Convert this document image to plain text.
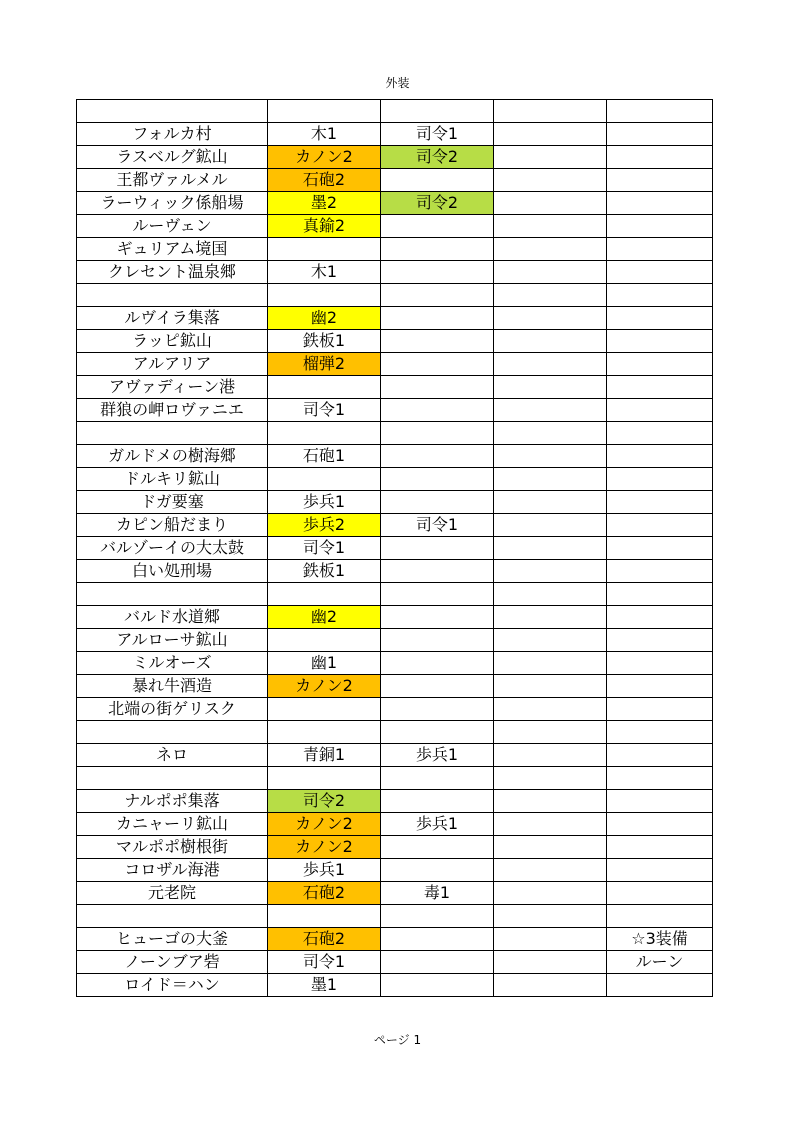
外装

フォルカ村	木1	司令1		
ラスベルグ鉱山	カノン2	司令2		
王都ヴァルメル	石砲2			
ラーウィック係船場	墨2	司令2		
ルーヴェン	真鍮2			
ギュリアム境国				
クレセント温泉郷	木1			

ルヴイラ集落	幽2			
ラッピ鉱山	鉄板1			
アルアリア	榴弾2			
アヴァディーン港				
群狼の岬ロヴァニエ	司令1			

ガルドメの樹海郷	石砲1			
ドルキリ鉱山				
ドガ要塞	歩兵1			
カピン船だまり	歩兵2	司令1		
バルゾーイの大太鼓	司令1			
白い処刑場	鉄板1			

バルド水道郷	幽2			
アルローサ鉱山				
ミルオーズ	幽1			
暴れ牛酒造	カノン2			
北端の街ゲリスク				

ネロ	青銅1	歩兵1		

ナルポポ集落	司令2			
カニャーリ鉱山	カノン2	歩兵1		
マルポポ樹根街	カノン2			
コロザル海港	歩兵1			
元老院	石砲2	毒1		

ヒューゴの大釜	石砲2			☆3装備
ノーンブア砦	司令1			ルーン
ロイド＝ハン	墨1			
ページ 1
